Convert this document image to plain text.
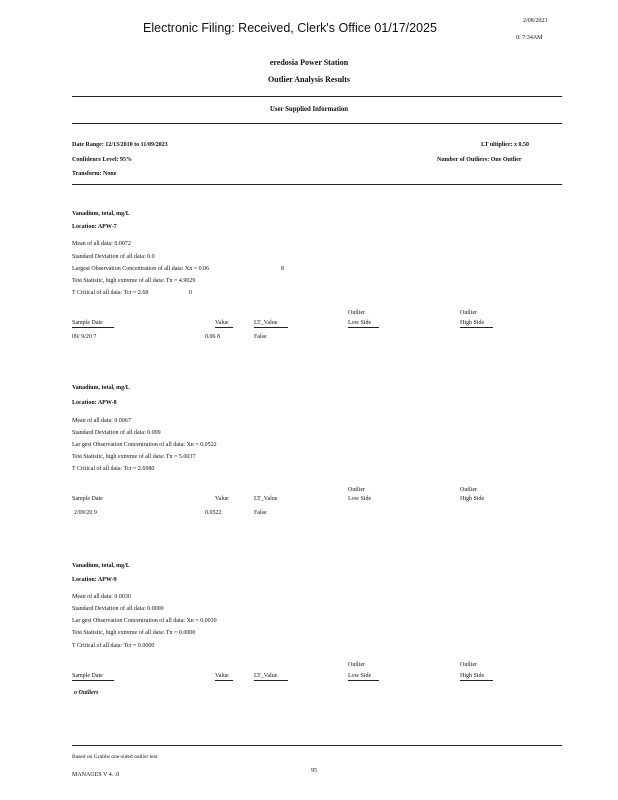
Electronic Filing: Received, Clerk's Office 01/17/2025	2/08/2023
0: 7:34AM
eredosia Power Station
Outlier Analysis Results
User Supplied Information
Date Range: 12/13/2010 to 11/09/2023
Confidence Level: 95%
Transform: None
LT ultiplier: x 0.50
Number of Outliers: One Outlier
Vanadium, total, mg/L
Location: APW-7
Mean of all data: 0.0072
Standard Deviation of all data: 0.0
Largest Observation Concentration of all data: Xn = 0.06	8
Test Statistic, high extreme of all data: Tn = 4.9029
T Critical of all data: Tcr = 2.68	0
Outlier	Outlier
Sample Date	Value	LT_Value	Low Side	High Side
09/ 9/20 7	0.06 8	False
Vanadium, total, mg/L
Location: APW-8
Mean of all data: 0.0067
Standard Deviation of all data: 0.009
Lar gest Observation Concentration of all data: Xn = 0.0522
Test Statistic, high extreme of all data: Tn = 5.0037
T Critical of all data: Tcr = 2.6980
Outlier	Outlier
Sample Date	Value	LT_Value	Low Side	High Side
2/09/20 9	0.0522	False
Vanadium, total, mg/L
Location: APW-9
Mean of all data: 0.0030
Standard Deviation of all data: 0.0000
Lar gest Observation Concentration of all data: Xn = 0.0030
Test Statistic, high extreme of all data: Tn = 0.0000
T Critical of all data: Tcr = 0.0000
Outlier	Outlier
Sample Date	Value	LT_Value	Low Side	High Side
o Outliers
Based on Grubbs one-sided outlier test
MANAGES V 4. .0
95
